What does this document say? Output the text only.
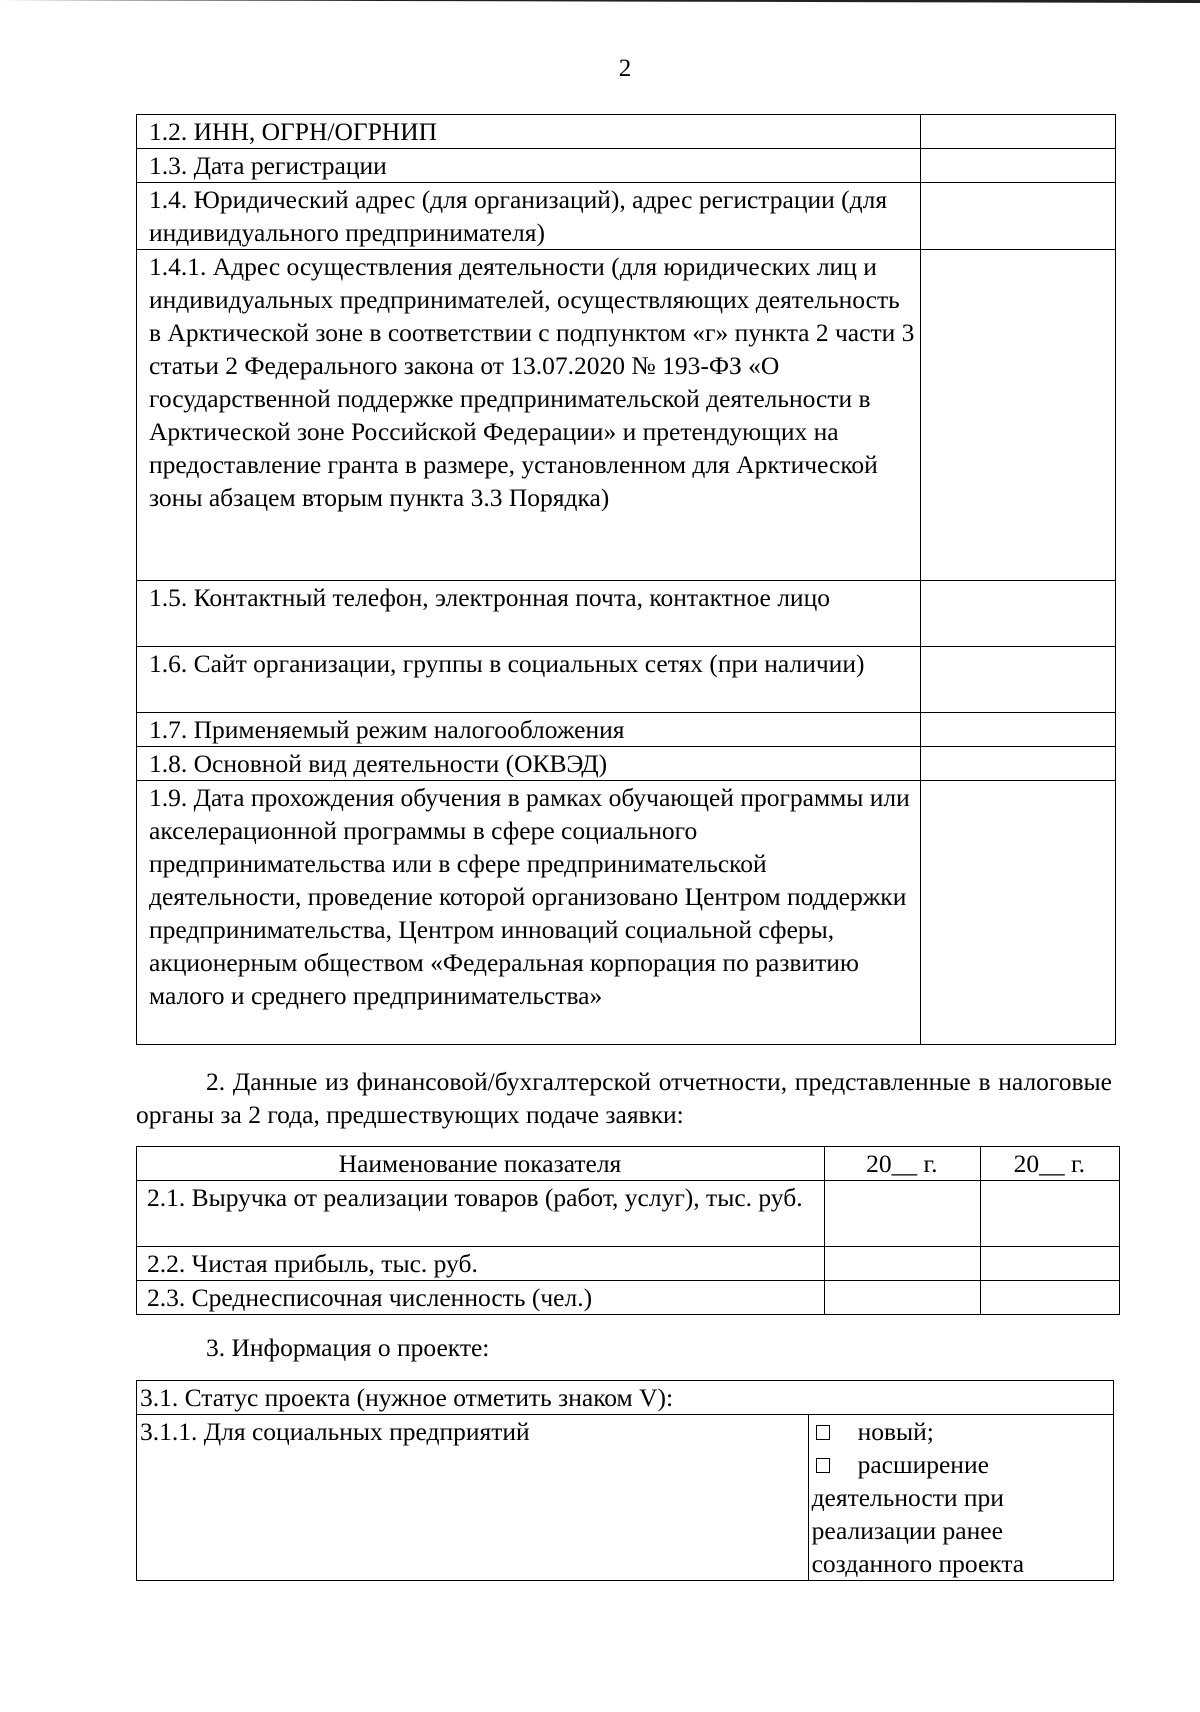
2
1.2. ИНН, ОГРН/ОГРНИП	
1.3. Дата регистрации	
1.4. Юридический адрес (для организаций), адрес регистрации (для индивидуального предпринимателя)	
1.4.1. Адрес осуществления деятельности (для юридических лиц и индивидуальных предпринимателей, осуществляющих деятельность в Арктической зоне в соответствии с подпунктом «г» пункта 2 части 3 статьи 2 Федерального закона от 13.07.2020 № 193-ФЗ «О государственной поддержке предпринимательской деятельности в Арктической зоне Российской Федерации» и претендующих на предоставление гранта в размере, установленном для Арктической зоны абзацем вторым пункта 3.3 Порядка)	
1.5. Контактный телефон, электронная почта, контактное лицо	
1.6. Сайт организации, группы в социальных сетях (при наличии)	
1.7. Применяемый режим налогообложения	
1.8. Основной вид деятельности (ОКВЭД)	
1.9. Дата прохождения обучения в рамках обучающей программы или акселерационной программы в сфере социального предпринимательства или в сфере предпринимательской деятельности, проведение которой организовано Центром поддержки предпринимательства, Центром инноваций социальной сферы, акционерным обществом «Федеральная корпорация по развитию малого и среднего предпринимательства»	
2. Данные из финансовой/бухгалтерской отчетности, представленные в налоговые органы за 2 года, предшествующих подаче заявки:
Наименование показателя	20__ г.	20__ г.
2.1. Выручка от реализации товаров (работ, услуг), тыс. руб.		
2.2. Чистая прибыль, тыс. руб.		
2.3. Среднесписочная численность (чел.)		
3. Информация о проекте:
3.1. Статус проекта (нужное отметить знаком V):
3.1.1. Для социальных предприятий	новый;
расширение деятельности при реализации ранее созданного проекта
